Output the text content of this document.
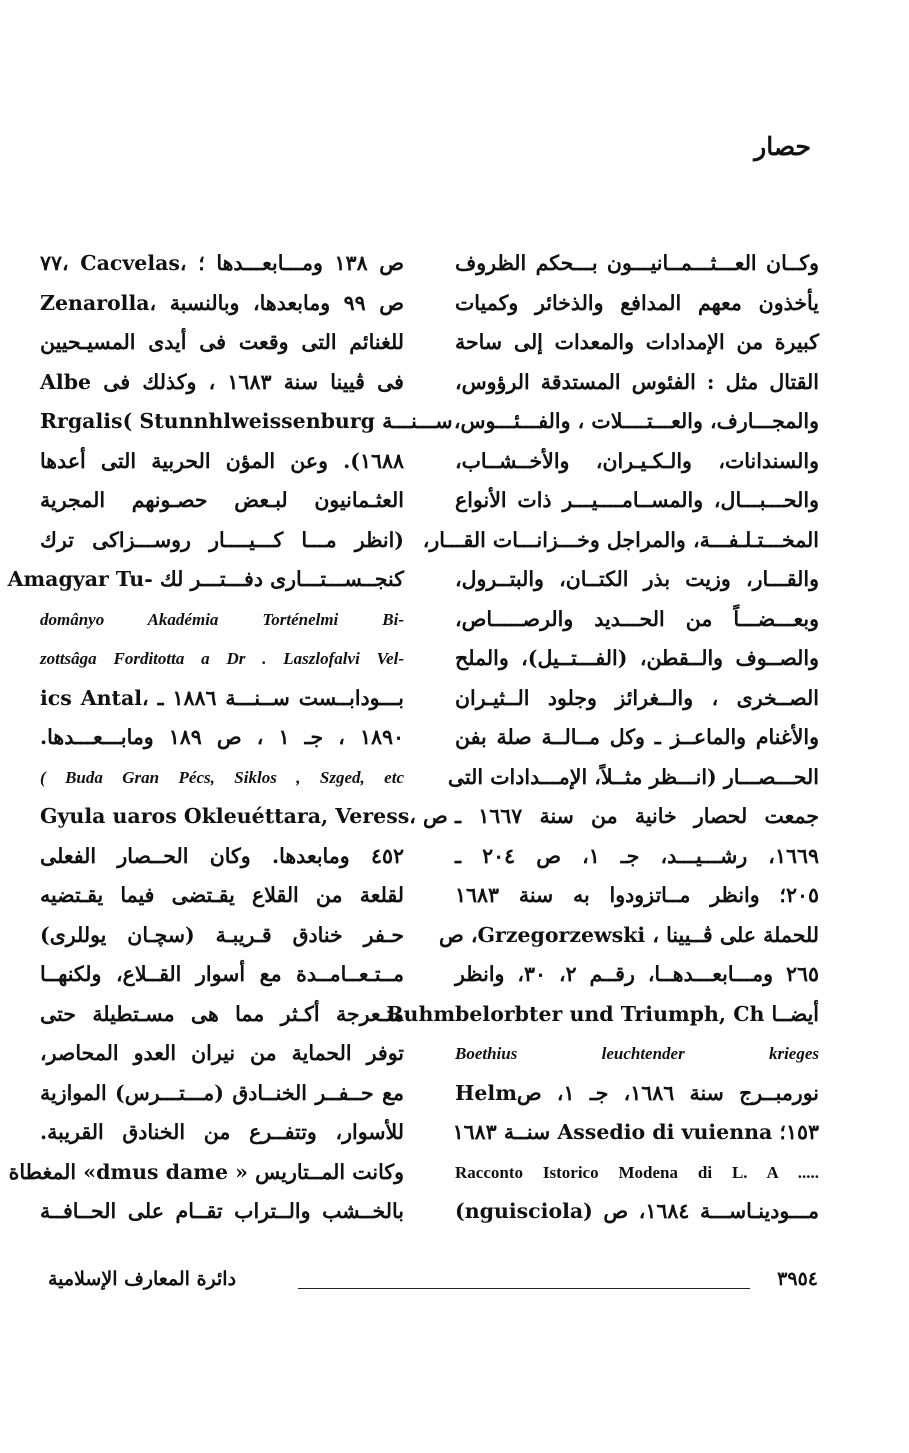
حصار
وكــان العـــثـــمــانيـــون بـــحكم الظروف
يأخذون معهم المدافع والذخائر وكميات
كبيرة من الإمدادات والمعدات إلى ساحة
القتال مثل : الفئوس المستدقة الرؤوس،
والمجـــارف، والعـــتــــلات ، والفـــئـــوس،
والسندانات، والـكـيـران، والأخــشــاب،
والحـــبـــال، والمســامــــيـــر ذات الأنواع
المخـــتـلـفـــة، والمراجل وخـــزانـــات القـــار،
والقـــار، وزيت بذر الكتــان، والبتــرول،
وبعـــضـــاً من الحـــديد والرصـــــاص،
والصــوف والــقطن، (الفـــتــيل)، والملح
الصــخرى ، والــغرائز وجلود الــثيـران
والأغنام والماعــز ـ وكل مــالــة صلة بفن
الحـــصـــار (انـــظر مثــلاً، الإمـــدادات التى
جمعت لحصار خانية من سنة ١٦٦٧ ـ
١٦٦٩، رشـــيـــد، جـ ١، ص ٢٠٤ ـ
٢٠٥؛ وانظر مــاتزودوا به سنة ١٦٨٣
للحملة على ڤــيينا ، Grzegorzewski، ص
٢٦٥ ومـــابعـــدهــا، رقــم ٢، ٣٠، وانظر
أيضــا Ruhmbelorbter und Triumph, Ch
Boethius leuchtender krieges
نورمبــرج سنة ١٦٨٦، جـ ١، صHelm
١٥٣؛ Assedio di vuienna سنــة ١٦٨٣
Racconto Istorico Modena di L. A .....
(nguisciola) مـــودينـاســـة ١٦٨٤، ص
٧٧، Cacvelas، ص ١٣٨ ومـــابعـــدها ؛
Zenarolla، ص ٩٩ ومابعدها، وبالنسبة
للغنائم التى وقعت فى أيدى المسيـحيين
فى ڤيينا سنة ١٦٨٣ ، وكذلك فى Albe
Rrgalis( Stunnhlweissenburg ســـنـــة
١٦٨٨). وعن المؤن الحربية التى أعدها
العثـمانيون لبـعض حصـونهم المجرية
(انظر مـــا كـــيــــار روســـزاكى ترك
كنجــســـتـــارى دفـــتـــر لك -Amagyar Tu
domânyo Akadémia Torténelmi Bi-
zottsâga Forditotta a Dr . Laszlofalvi Vel-
ics Antal، بـــودابــست ســنـــة ١٨٨٦ ـ
١٨٩٠ ، جـ ١ ، ص ١٨٩ ومابـــعـــدها.
( Buda Gran Pécs, Siklos , Szged, etc
Gyula uaros Okleuéttara, Veress، ص
٤٥٢ ومابعدها. وكان الحــصار الفعلى
لقلعة من القلاع يقـتضى فيما يقـتضيه
حـفر خنادق قـريبـة (سچـان يوللرى)
مــتـعــامــدة مع أسوار القــلاع، ولكنهــا
متـعرجة أكـثر مما هى مسـتطيلة حتى
توفر الحماية من نيران العدو المحاصر،
مع حــفــر الخنــادق (مـــتـــرس) الموازية
للأسوار، وتتفــرع من الخنادق القريبة.
وكانت المــتاريس « dmus dame» المغطاة
بالخــشب والــتراب تقــام على الحــافــة
٣٩٥٤
دائرة المعارف الإسلامية
